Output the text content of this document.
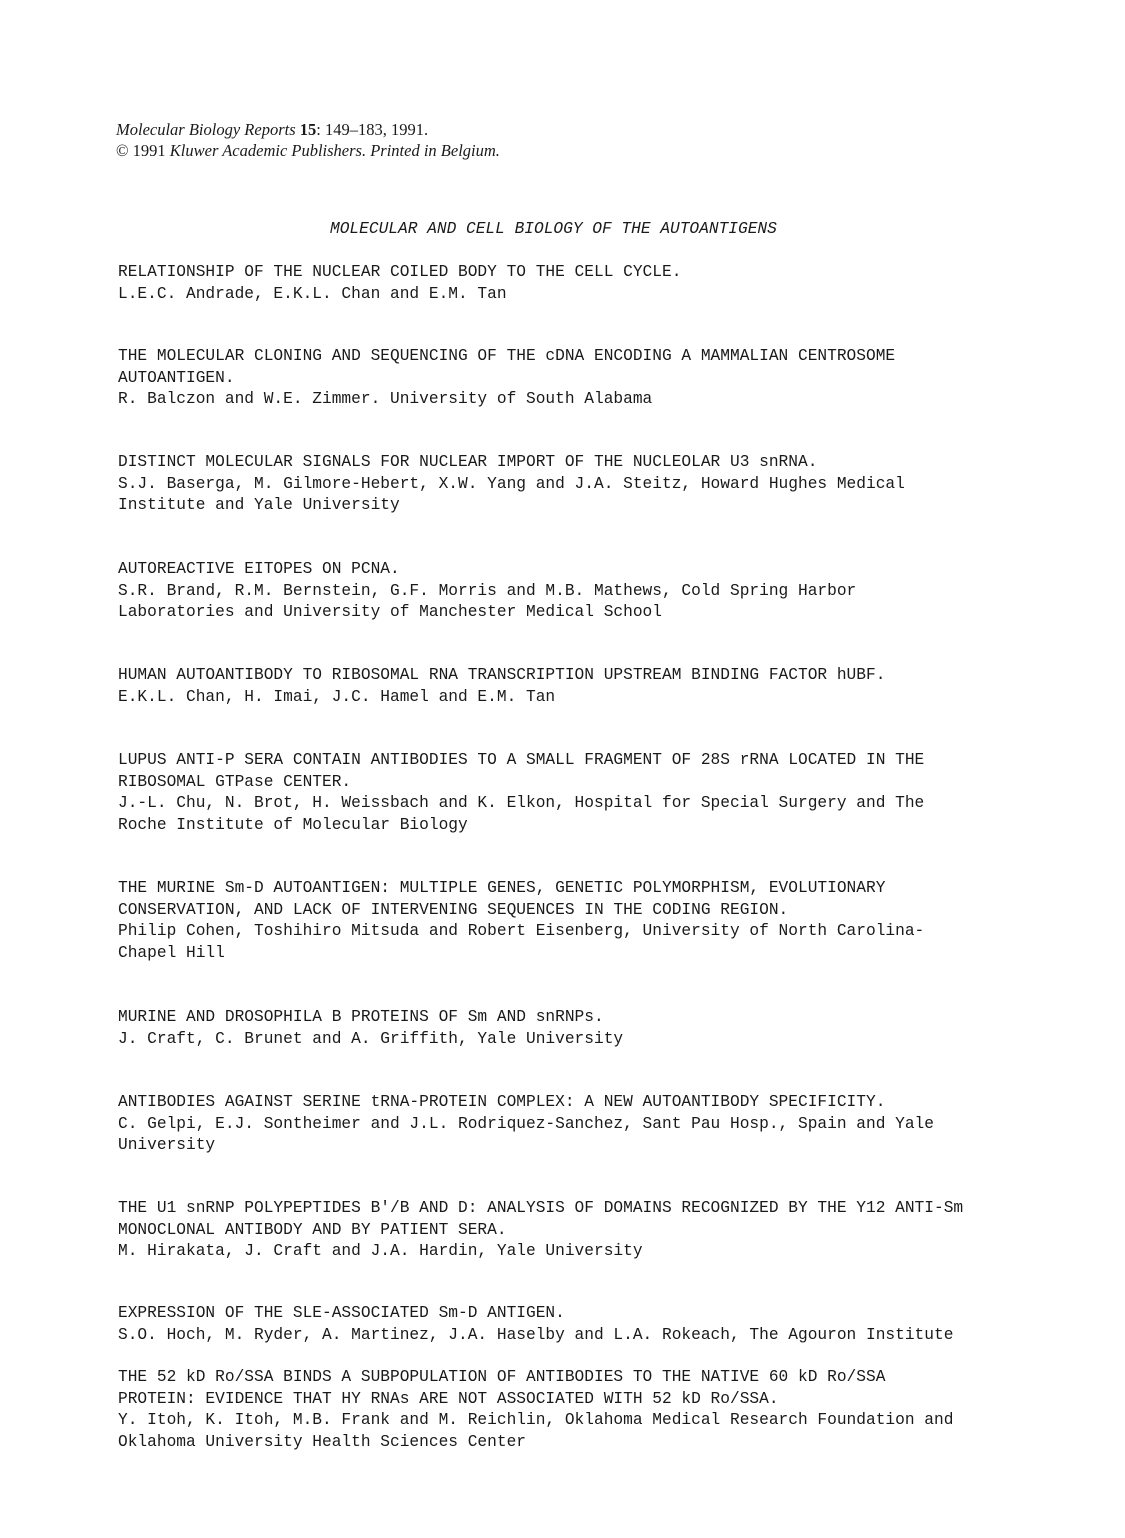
Molecular Biology Reports 15: 149–183, 1991.
© 1991 Kluwer Academic Publishers. Printed in Belgium.
MOLECULAR AND CELL BIOLOGY OF THE AUTOANTIGENS
RELATIONSHIP OF THE NUCLEAR COILED BODY TO THE CELL CYCLE.
L.E.C. Andrade, E.K.L. Chan and E.M. Tan
THE MOLECULAR CLONING AND SEQUENCING OF THE cDNA ENCODING A MAMMALIAN CENTROSOME
AUTOANTIGEN.
R. Balczon and W.E. Zimmer. University of South Alabama
DISTINCT MOLECULAR SIGNALS FOR NUCLEAR IMPORT OF THE NUCLEOLAR U3 snRNA.
S.J. Baserga, M. Gilmore-Hebert, X.W. Yang and J.A. Steitz, Howard Hughes Medical
Institute and Yale University
AUTOREACTIVE EITOPES ON PCNA.
S.R. Brand, R.M. Bernstein, G.F. Morris and M.B. Mathews, Cold Spring Harbor
Laboratories and University of Manchester Medical School
HUMAN AUTOANTIBODY TO RIBOSOMAL RNA TRANSCRIPTION UPSTREAM BINDING FACTOR hUBF.
E.K.L. Chan, H. Imai, J.C. Hamel and E.M. Tan
LUPUS ANTI-P SERA CONTAIN ANTIBODIES TO A SMALL FRAGMENT OF 28S rRNA LOCATED IN THE
RIBOSOMAL GTPase CENTER.
J.-L. Chu, N. Brot, H. Weissbach and K. Elkon, Hospital for Special Surgery and The
Roche Institute of Molecular Biology
THE MURINE Sm-D AUTOANTIGEN: MULTIPLE GENES, GENETIC POLYMORPHISM, EVOLUTIONARY
CONSERVATION, AND LACK OF INTERVENING SEQUENCES IN THE CODING REGION.
Philip Cohen, Toshihiro Mitsuda and Robert Eisenberg, University of North Carolina-
Chapel Hill
MURINE AND DROSOPHILA B PROTEINS OF Sm AND snRNPs.
J. Craft, C. Brunet and A. Griffith, Yale University
ANTIBODIES AGAINST SERINE tRNA-PROTEIN COMPLEX: A NEW AUTOANTIBODY SPECIFICITY.
C. Gelpi, E.J. Sontheimer and J.L. Rodriquez-Sanchez, Sant Pau Hosp., Spain and Yale
University
THE U1 snRNP POLYPEPTIDES B'/B AND D: ANALYSIS OF DOMAINS RECOGNIZED BY THE Y12 ANTI-Sm
MONOCLONAL ANTIBODY AND BY PATIENT SERA.
M. Hirakata, J. Craft and J.A. Hardin, Yale University
EXPRESSION OF THE SLE-ASSOCIATED Sm-D ANTIGEN.
S.O. Hoch, M. Ryder, A. Martinez, J.A. Haselby and L.A. Rokeach, The Agouron Institute
THE 52 kD Ro/SSA BINDS A SUBPOPULATION OF ANTIBODIES TO THE NATIVE 60 kD Ro/SSA
PROTEIN: EVIDENCE THAT HY RNAs ARE NOT ASSOCIATED WITH 52 kD Ro/SSA.
Y. Itoh, K. Itoh, M.B. Frank and M. Reichlin, Oklahoma Medical Research Foundation and
Oklahoma University Health Sciences Center
